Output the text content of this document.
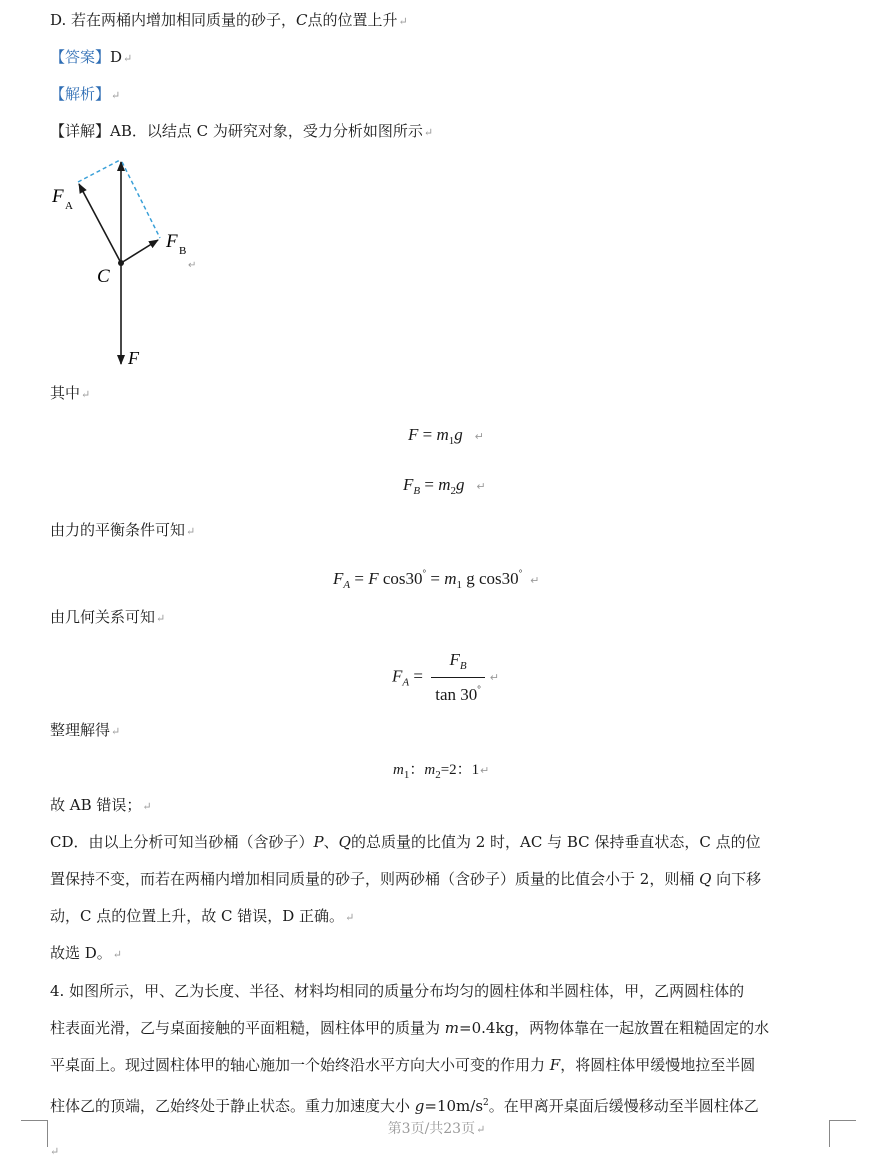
D. 若在两桶内增加相同质量的砂子，C点的位置上升↵
【答案】D↵
【解析】↵
【详解】AB．以结点 C 为研究对象，受力分析如图所示↵
F A
F B
↵
C
F
其中↵
$F = m_1g$ ↵
$F_B = m_2g$ ↵
由力的平衡条件可知↵
$F_A = F$ $\cos 30^\circ = m_1$ g cos30°↵
由几何关系可知↵
$F_A = \frac{F_B}{\tan 30^\circ}$ ↵
整理解得↵
$m_1$：$m_2=2$：1↵
故 AB 错误；↵
CD．由以上分析可知当砂桶（含砂子）P、Q的总质量的比值为 2 时，AC 与 BC 保持垂直状态，C 点的位
置保持不变，而若在两桶内增加相同质量的砂子，则两砂桶（含砂子）质量的比值会小于 2，则桶 Q 向下移
动，C 点的位置上升，故 C 错误，D 正确。↵
故选 D。↵
4. 如图所示，甲、乙为长度、半径、材料均相同的质量分布均匀的圆柱体和半圆柱体，甲，乙两圆柱体的
柱表面光滑，乙与桌面接触的平面粗糙，圆柱体甲的质量为 m=0.4kg，两物体靠在一起放置在粗糙固定的水
平桌面上。现过圆柱体甲的轴心施加一个始终沿水平方向大小可变的作用力 F，将圆柱体甲缓慢地拉至半圆
柱体乙的顶端，乙始终处于静止状态。重力加速度大小 $g=10m/s^2$。在甲离开桌面后缓慢移动至半圆柱体乙
↵
第3页/共23页↵
